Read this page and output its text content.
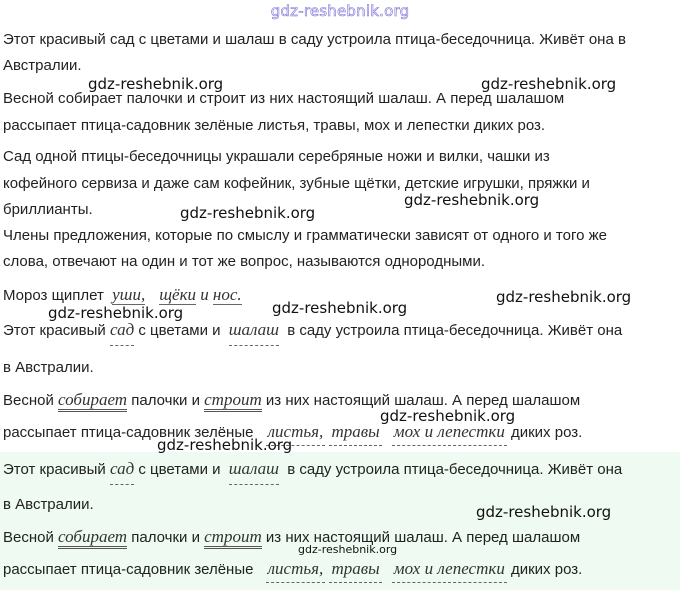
gdz-reshebnik.org
Этот красивый сад с цветами и шалаш в саду устроила птица-беседочница. Живёт она в
Австралии.
Весной собирает палочки и строит из них настоящий шалаш. А перед шалашом
рассыпает птица-садовник зелёные листья, травы, мох и лепестки диких роз.
Сад одной птицы-беседочницы украшали серебряные ножи и вилки, чашки из
кофейного сервиза и даже сам кофейник, зубные щётки, детские игрушки, пряжки и
бриллианты.
Члены предложения, которые по смыслу и грамматически зависят от одного и того же
слова, отвечают на один и тот же вопрос, называются однородными.
Мороз щиплет уши, щёки и нос.
Этот красивый сад с цветами и шалаш в саду устроила птица-беседочница. Живёт она
в Австралии.
Весной собирает палочки и строит из них настоящий шалаш. А перед шалашом
рассыпает птица-садовник зелёные листья, травы мох и лепестки диких роз.
Этот красивый сад с цветами и шалаш в саду устроила птица-беседочница. Живёт она
в Австралии.
Весной собирает палочки и строит из них настоящий шалаш. А перед шалашом
рассыпает птица-садовник зелёные листья, травы мох и лепестки диких роз.
gdz-reshebnik.org	gdz-reshebnik.org
gdz-reshebnik.org
gdz-reshebnik.org
gdz-reshebnik.org
gdz-reshebnik.org
gdz-reshebnik.org
gdz-reshebnik.org
gdz-reshebnik.org
gdz-reshebnik.org
gdz-reshebnik.org
